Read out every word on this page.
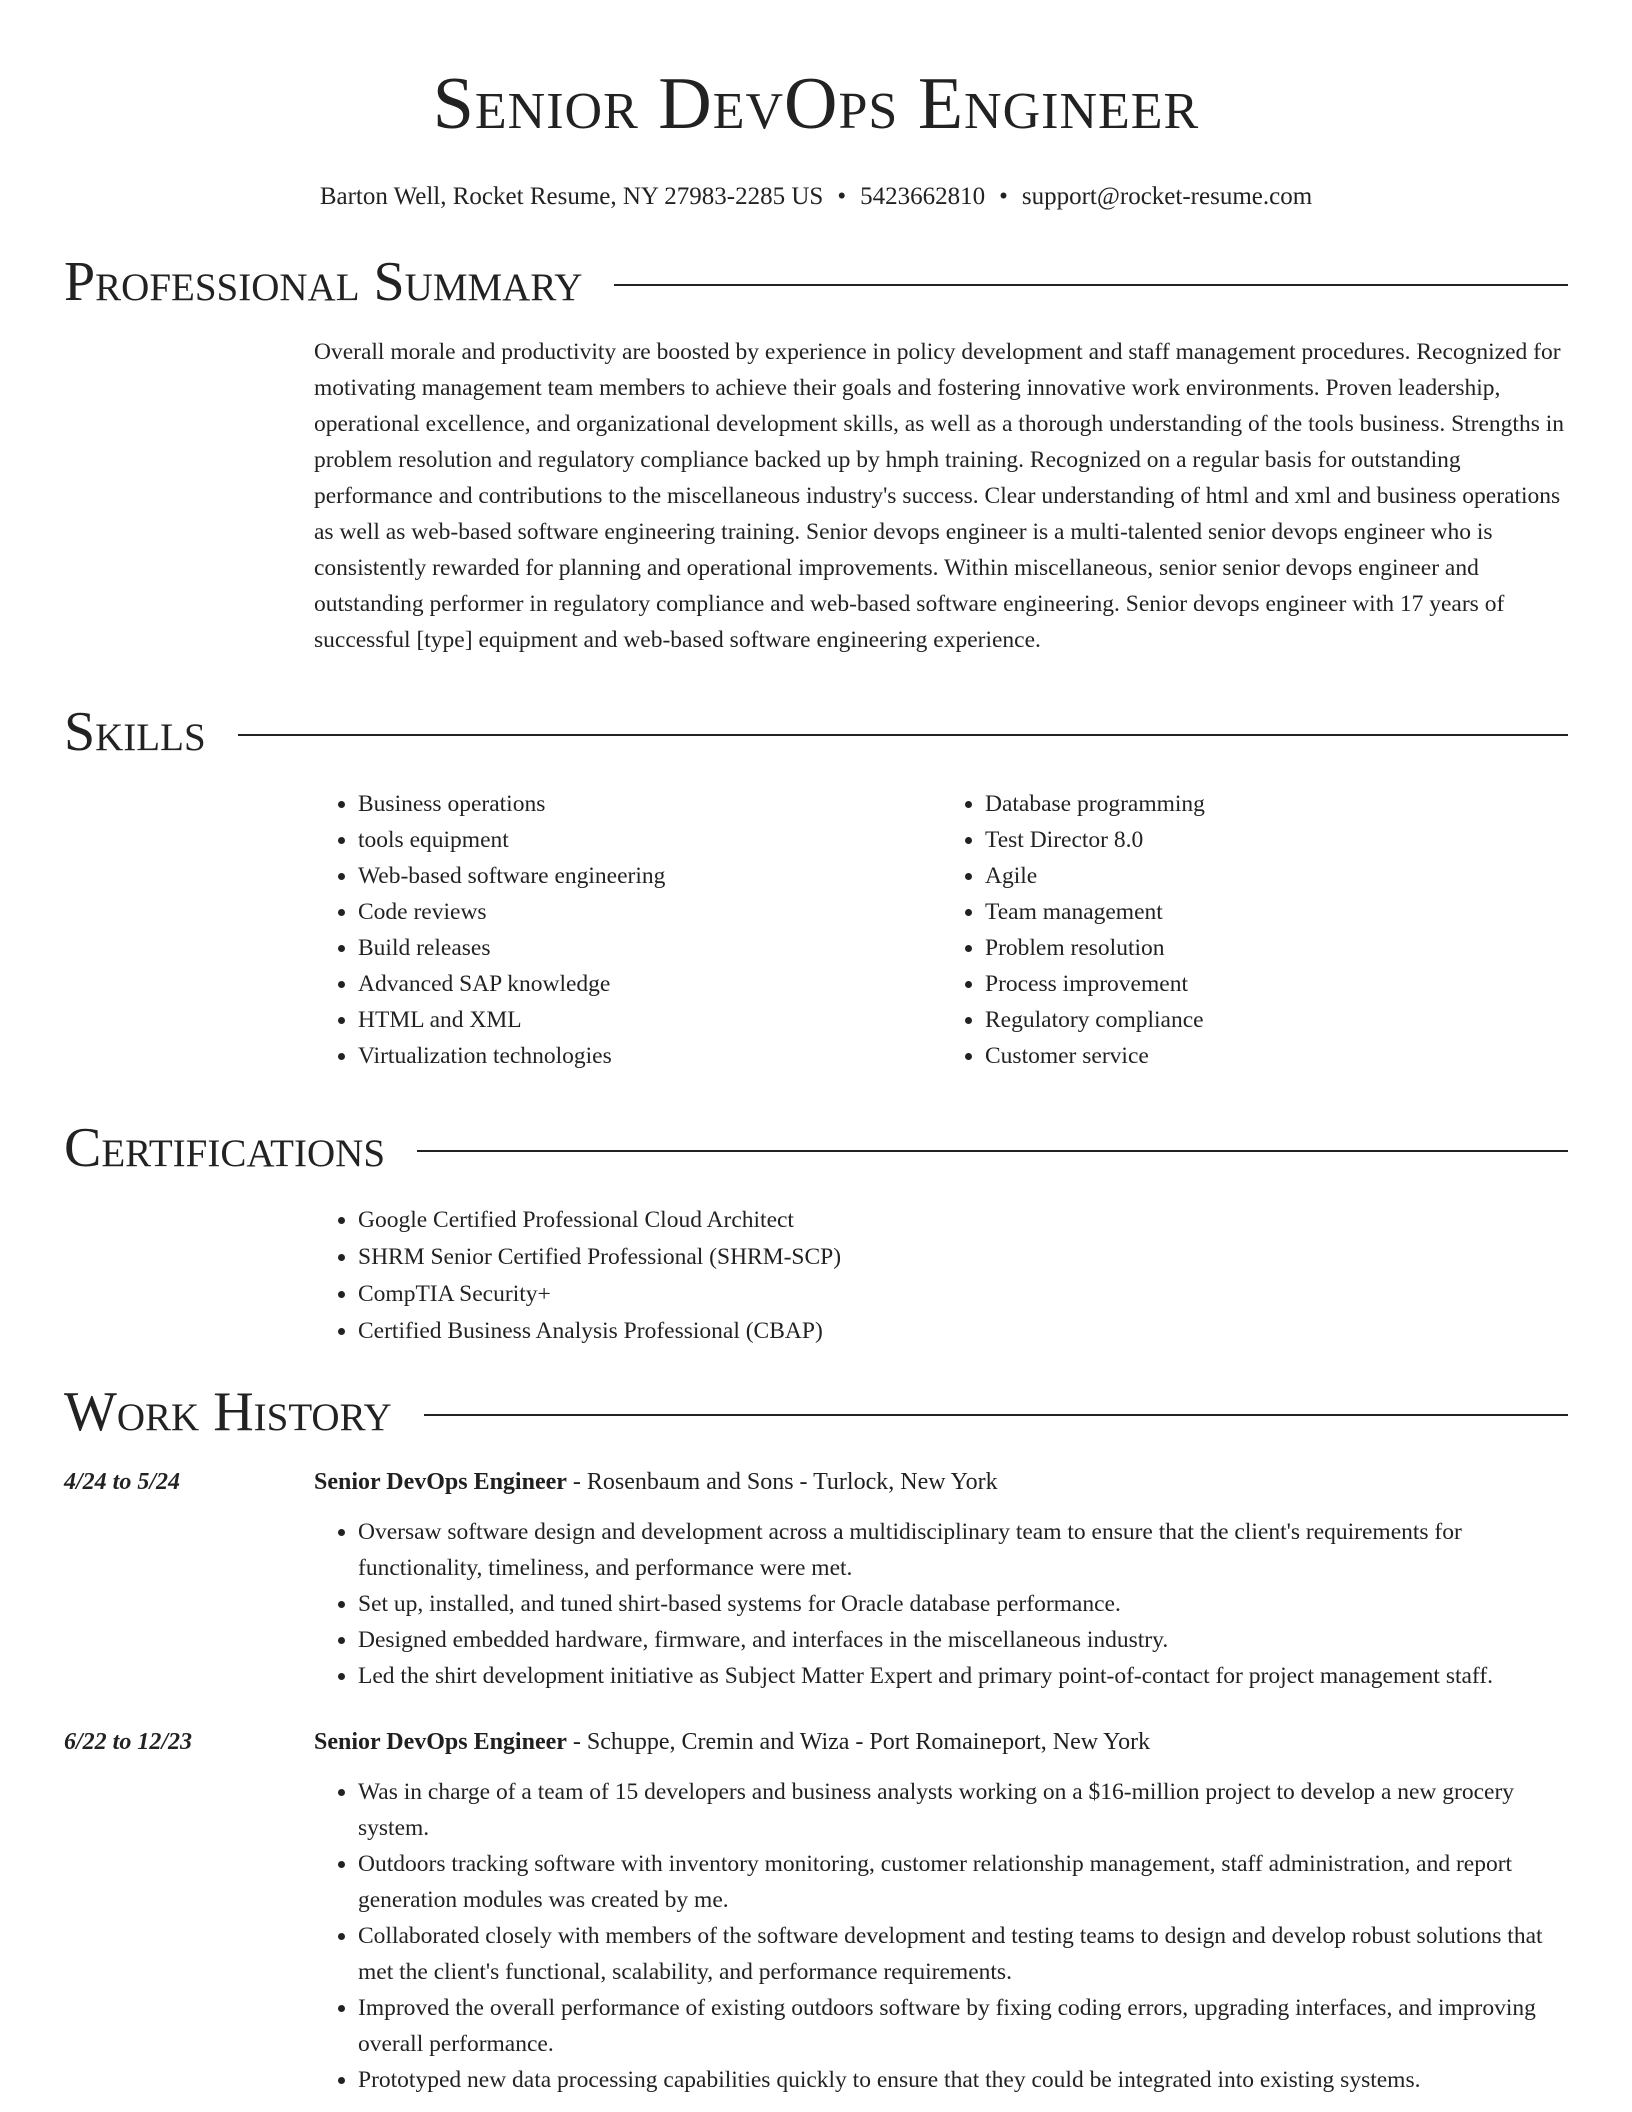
Senior DevOps Engineer
Barton Well, Rocket Resume, NY 27983-2285 US • 5423662810 • support@rocket-resume.com
Professional Summary
Overall morale and productivity are boosted by experience in policy development and staff management procedures. Recognized for motivating management team members to achieve their goals and fostering innovative work environments. Proven leadership, operational excellence, and organizational development skills, as well as a thorough understanding of the tools business. Strengths in problem resolution and regulatory compliance backed up by hmph training. Recognized on a regular basis for outstanding performance and contributions to the miscellaneous industry's success. Clear understanding of html and xml and business operations as well as web-based software engineering training. Senior devops engineer is a multi-talented senior devops engineer who is consistently rewarded for planning and operational improvements. Within miscellaneous, senior senior devops engineer and outstanding performer in regulatory compliance and web-based software engineering. Senior devops engineer with 17 years of successful [type] equipment and web-based software engineering experience.
Skills
• Business operations
• tools equipment
• Web-based software engineering
• Code reviews
• Build releases
• Advanced SAP knowledge
• HTML and XML
• Virtualization technologies
• Database programming
• Test Director 8.0
• Agile
• Team management
• Problem resolution
• Process improvement
• Regulatory compliance
• Customer service
Certifications
• Google Certified Professional Cloud Architect
• SHRM Senior Certified Professional (SHRM-SCP)
• CompTIA Security+
• Certified Business Analysis Professional (CBAP)
Work History
4/24 to 5/24	Senior DevOps Engineer - Rosenbaum and Sons - Turlock, New York
• Oversaw software design and development across a multidisciplinary team to ensure that the client's requirements for functionality, timeliness, and performance were met.
• Set up, installed, and tuned shirt-based systems for Oracle database performance.
• Designed embedded hardware, firmware, and interfaces in the miscellaneous industry.
• Led the shirt development initiative as Subject Matter Expert and primary point-of-contact for project management staff.
6/22 to 12/23	Senior DevOps Engineer - Schuppe, Cremin and Wiza - Port Romaineport, New York
• Was in charge of a team of 15 developers and business analysts working on a $16-million project to develop a new grocery system.
• Outdoors tracking software with inventory monitoring, customer relationship management, staff administration, and report generation modules was created by me.
• Collaborated closely with members of the software development and testing teams to design and develop robust solutions that met the client's functional, scalability, and performance requirements.
• Improved the overall performance of existing outdoors software by fixing coding errors, upgrading interfaces, and improving overall performance.
• Prototyped new data processing capabilities quickly to ensure that they could be integrated into existing systems.
